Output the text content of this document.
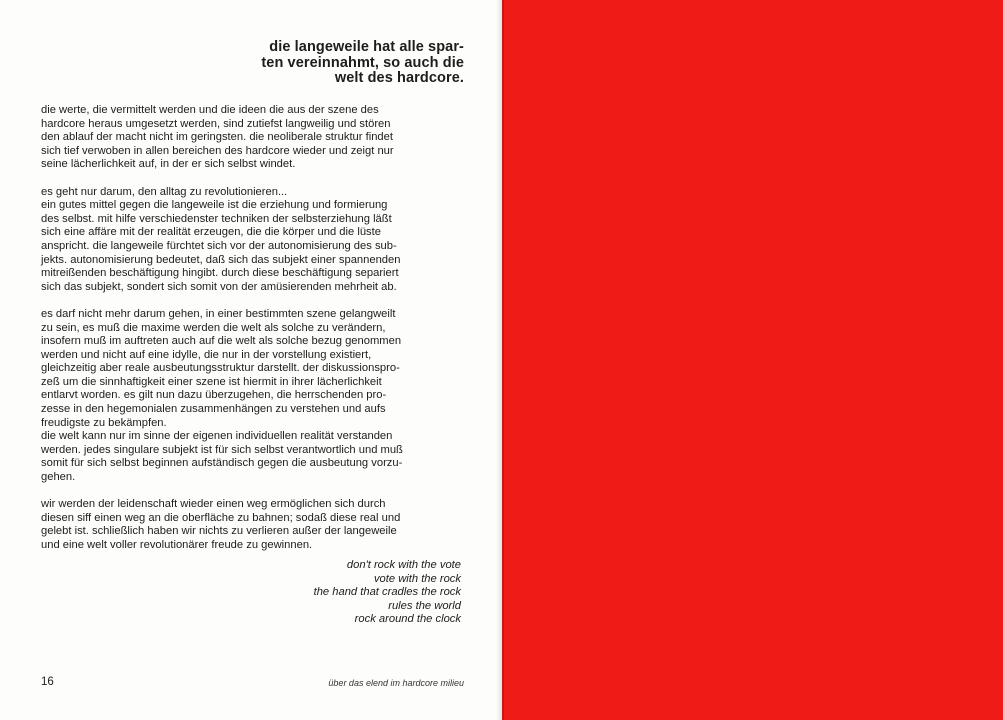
die langeweile hat alle spar-
ten vereinnahmt, so auch die
welt des hardcore.

die werte, die vermittelt werden und die ideen die aus der szene des
hardcore heraus umgesetzt werden, sind zutiefst langweilig und stören
den ablauf der macht nicht im geringsten. die neoliberale struktur findet
sich tief verwoben in allen bereichen des hardcore wieder und zeigt nur
seine lächerlichkeit auf, in der er sich selbst windet.

es geht nur darum, den alltag zu revolutionieren...
ein gutes mittel gegen die langeweile ist die erziehung und formierung
des selbst. mit hilfe verschiedenster techniken der selbsterziehung läßt
sich eine affäre mit der realität erzeugen, die die körper und die lüste
anspricht. die langeweile fürchtet sich vor der autonomisierung des sub-
jekts. autonomisierung bedeutet, daß sich das subjekt einer spannenden
mitreißenden beschäftigung hingibt. durch diese beschäftigung separiert
sich das subjekt, sondert sich somit von der amüsierenden mehrheit ab.

es darf nicht mehr darum gehen, in einer bestimmten szene gelangweilt
zu sein, es muß die maxime werden die welt als solche zu verändern,
insofern muß im auftreten auch auf die welt als solche bezug genommen
werden und nicht auf eine idylle, die nur in der vorstellung existiert,
gleichzeitig aber reale ausbeutungsstruktur darstellt. der diskussionspro-
zeß um die sinnhaftigkeit einer szene ist hiermit in ihrer lächerlichkeit
entlarvt worden. es gilt nun dazu überzugehen, die herrschenden pro-
zesse in den hegemonialen zusammenhängen zu verstehen und aufs
freudigste zu bekämpfen.
die welt kann nur im sinne der eigenen individuellen realität verstanden
werden. jedes singulare subjekt ist für sich selbst verantwortlich und muß
somit für sich selbst beginnen aufständisch gegen die ausbeutung vorzu-
gehen.

wir werden der leidenschaft wieder einen weg ermöglichen sich durch
diesen siff einen weg an die oberfläche zu bahnen; sodaß diese real und
gelebt ist. schließlich haben wir nichts zu verlieren außer der langeweile
und eine welt voller revolutionärer freude zu gewinnen.

don't rock with the vote
vote with the rock
the hand that cradles the rock
rules the world
rock around the clock
16	über das elend im hardcore milieu
